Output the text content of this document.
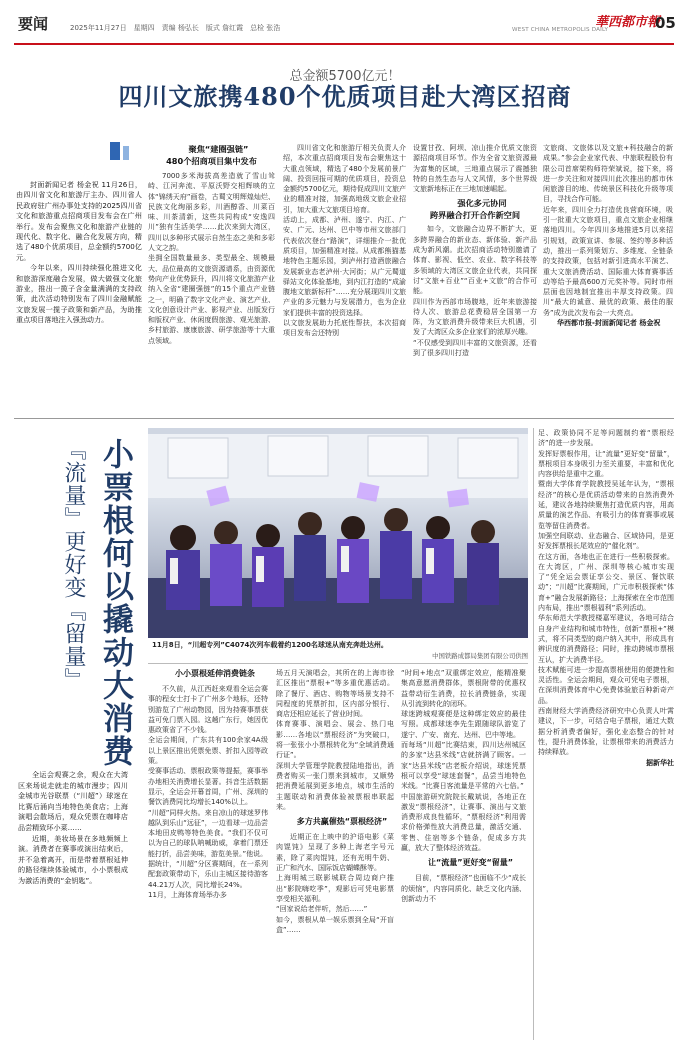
要闻	2025年11月27日　星期四　责编 杨弘长　版式 詹红霞　总检 张浩	WEST CHINA METROPOLIS DAILY
華西都市報
05
总金额5700亿元！
四川文旅携480个优质项目赴大湾区招商

封面新闻记者 杨金祝 11月26日，由四川省文化和旅游厅主办、四川省人民政府驻广州办事处支持的2025四川省文化和旅游重点招商项目发布会在广州举行。发布会聚焦文化和旅游产业链的现代化、数字化、融合化发展方向，精选了480个优质项目，总金额约5700亿元。

今年以来，四川持续强化推进文化和旅游深度融合发展，做大做强文化旅游业，推出一揽子含金量满满的支持政策，此次活动特别发布了四川金融赋能文旅发展一揽子政策和新产品，为助推重点项目落地注入强劲动力。

聚焦“建圈强链”
480个招商项目集中发布

7000多米海拔高差造就了雪山耸峙、江河奔流、平原沃野交相辉映的立体“锦绣天府”画卷，古蜀文明辉煌灿烂、民族文化绚丽多彩，川酒醇香、川菜百味、川茶清新，这些共同构成“安逸四川”独有生活美学……此次来到大湾区，四川以多种形式展示自然生态之美和多彩人文之韵。
坐拥全国数量最多、类型最全、规模最大、品位最高的文旅资源谱系，由资源优势向产业优势跃升，四川将文化旅游产业纳入全省“建圈强链”的15个重点产业链之一，明确了数字文化产业、演艺产业、文化创意设计产业、影视产业、出版发行和版权产业、休闲度假旅游、观光旅游、乡村旅游、康康旅游、研学旅游等十大重点领域。

四川省文化和旅游厅相关负责人介绍，本次重点招商项目发布会聚焦这十大重点领域，精选了480个发展前景广阔、投资回报可期的优质项目，投资总金额约5700亿元，期待促成四川文旅产业的精准对接，加强高地级文旅企业招引，加大重大文旅项目培育。
活动上，成都、泸州、遂宁、内江、广安、广元、达州、巴中等市州文旅部门代表依次登台“路演”，详细推介一批优质项目，加强精准对接。从成都熊猫基地特色主题乐园，到泸州打造酒旅融合发展新业态老泸州·大河街；从广元蜀道驿站文化体验基地，到内江打造的“成渝腹地文旅新标杆”……充分展现四川文旅产业的多元魅力与发展潜力，也为企业家们提供丰富的投资选择。
以文旅发展助力托底性帮扶，本次招商项目发布会还特别

设置甘孜、阿坝、凉山推介优质文旅资源招商项目环节。作为全省文旅资源最为富集的区域，三地重点展示了震撼独特的自然生态与人文风情，多个世界级文旅新地标正在三地加速崛起。

强化多元协同
跨界融合打开合作新空间

如今，文旅融合边界不断扩大，更多跨界融合的新业态、新体验、新产品成为新风潮。此次招商活动特别邀请了体育、影视、低空、农业、数字科技等多领域的大湾区文旅企业代表，共同探讨“文旅+百业”“百业+文旅”的合作可能。
四川作为西部市场腹地，近年来旅游接待人次、旅游总花费稳居全国第一方阵，为文旅消费升级带来巨大机遇，引发了大湾区众多企业家们的浓厚兴趣。
“不仅感受到四川丰富的文旅资源，还看到了很多四川打造

文旅商、文旅体以及文旅+科技融合的新成果。”参会企业家代表、中旅联程股份有限公司首席架构师符荣斌说，接下来，将进一步关注和对接四川此次推出的都市休闲旅游目的地、传统景区科技化升级等项目，寻找合作可能。
近年来，四川全力打造优良营商环境，吸引一批重大文旅项目，重点文旅企业相继落地四川。今年四川多地推进5月以来招引规划，政策宣讲、参展、签约等多种活动，推出一系列策划方、多维度、全链条的支持政策，包括对新引进高水平演艺、重大文旅消费活动、国际重大体育赛事活动等给予最高600万元奖补等。同时市州层面也因地制宜推出丰厚支持政策。四川“最大的诚意、最优的政策、最佳的服务”成为此次发布会一大亮点。

华西都市报-封面新闻记者 杨金祝

『流量』更好变『留量』 小票根何以撬动大消费

全运会观赛之余，观众在大湾区来场说走就走的城市漫步；四川金城市光谷联票（“川超”）球迷在比赛后涌向当地特色美食店；上海演唱会散场后，观众凭票在咖啡店品尝精致环小菜……

近期，美妆场景在多地频频上演。消费者在赛事或演出结束后，并不急着离开，而是带着票根延伸的路径继续体验城市，小小票根成为激活消费的“金钥匙”。

11月8日，“川超专列”C4074次列车载着约1200名球迷从南充奔赴达州。
中国铁路成都局集团有限公司供图

小小票根延伸消费链条

不久前，从江西赶来观看全运会赛事的程女士打卡了广州多个地标，还特别游览了广州动物园，因为持赛事票获益可免门票入园。这趟广东行，她因优惠政策省了不少钱。
全运会期间，广东共有100余家4A级以上景区推出凭票免票、折扣入园等政策。
受赛事活动、票根政策等提振，赛事举办地相关消费增长显著。抖音生活数据显示，全运会开幕首周，广州、深圳的餐饮消费同比均增长140%以上。
“川超”同样火热。来自凉山的球迷罗伟越队到乐山“远征”，一边看球一边品尝本地田皮鸭等特色美食。“我们不仅可以为自己的球队呐喊助威，拿着门票还能打折，品尝美味，游览美景。”他说。
据统计，“川超”分区赛期间，在一系列配套政策带动下，乐山主城区接待游客44.21万人次，同比增长24%。
11月，上海体育场举办多

场五月天演唱会，其所在的上海市徐汇区推出“票根+”等多重优惠活动。除了餐厅、酒店、购物等场景支持不同程度的凭票折扣，区内部分银行、商店还相应延长了营业时间。
体育赛事、演唱会、展会、热门电影……各地以“票根经济”为突破口，将一张张小小票根转化为“全域消费通行证”。
深圳大学管理学院教授陆地指出，消费者购买一张门票来到城市，又顺势把消费延展到更多地点，城市生活的主题联动和消费体验被票根串联起来。

多方共赢催热“票根经济”

近期正在上映中的沪语电影《菜肉馄饨》呈现了多种上海老字号元素，除了菜肉馄饨，还有光明牛奶、正广和汽水、国际饭店蝴蝶酥等。
上海明城三联影城联合周边商户推出“影院嗨吃季”，观影后可凭电影票享受相关福利。
“回家说给老伴听，然后……”
如今，票根从单一娱乐票到全局“开盲盒”……

“时间+地点”双重绑定效应，能精准聚集高意愿消费群体，票根附带的优惠权益带动衍生消费，拉长消费链条，实现从引流到转化的闭环。
球迷跨城观赛便是这种绑定效应的最佳写照。成都球迷李先生跟随球队游览了遂宁、广安、南充、达州、巴中等地。
而每场“川超”比赛结束，四川达州城区的多家“达县米线”店就挤满了顾客。一家“达县米线”店老板介绍说，球迷凭票根可以享受“球迷套餐”，品尝当地特色米线。“比赛日客流量是平常的六七倍。”
中国旅游研究院院长戴斌说，各地正在激发“票根经济”，让赛事、演出与文旅消费形成良性循环，“票根经济”利用需求价格弹性放大消费总量，激活交通、零售、住宿等多个链条，促成多方共赢，放大了整体经济效益。

让“流量”更好变“留量”

目前，“票根经济”也面临不少“成长的烦恼”，内容同质化、缺乏文化内涵、创新动力不

足、政策协同不足等问题制约着“票根经济”的进一步发展。
发挥好票根作用，让“流量”更好变“留量”，票根项目本身吸引力至关重要，丰富和优化内容供给是重中之重。
暨南大学体育学院教授吴延年认为，“票根经济”的核心是优质活动带来的自然消费外延，建议各地持续聚焦打造优质内容，用高质量的演艺作品、有吸引力的体育赛事或展览等留住消费者。
加强空间联动、业态融合、区域协同，是更好发挥票根长尾效应的“催化剂”。
在这方面，各地也正在进行一些积极探索。在大湾区，广州、深圳等核心城市实现了“凭全运会票证享公交、景区、餐饮联动”；“川超”比赛期间，广元市积极探索“体育+”融合发展新路径；上海探索在全市范围内布局，推出“票根福利”系列活动。
华东师范大学教授楼嘉军建议，各地可结合自身产业结构和城市特性，创新“票根+”模式，将不同类型的商户纳入其中，形成具有辨识度的消费路径；同时，推动跨城市票根互认，扩大消费半径。
技术赋能可进一步提高票根使用的便捷性和灵活性。全运会期间，观众可凭电子票根，在深圳消费体育中心免费体验旅百种新奇产品。
西南财经大学消费经济研究中心负责人叶霄建议，下一步，可结合电子票根，通过大数据分析消费者偏好，强化业态整合的针对性，提升消费体验，让票根带来的消费活力持续释放。

据新华社
